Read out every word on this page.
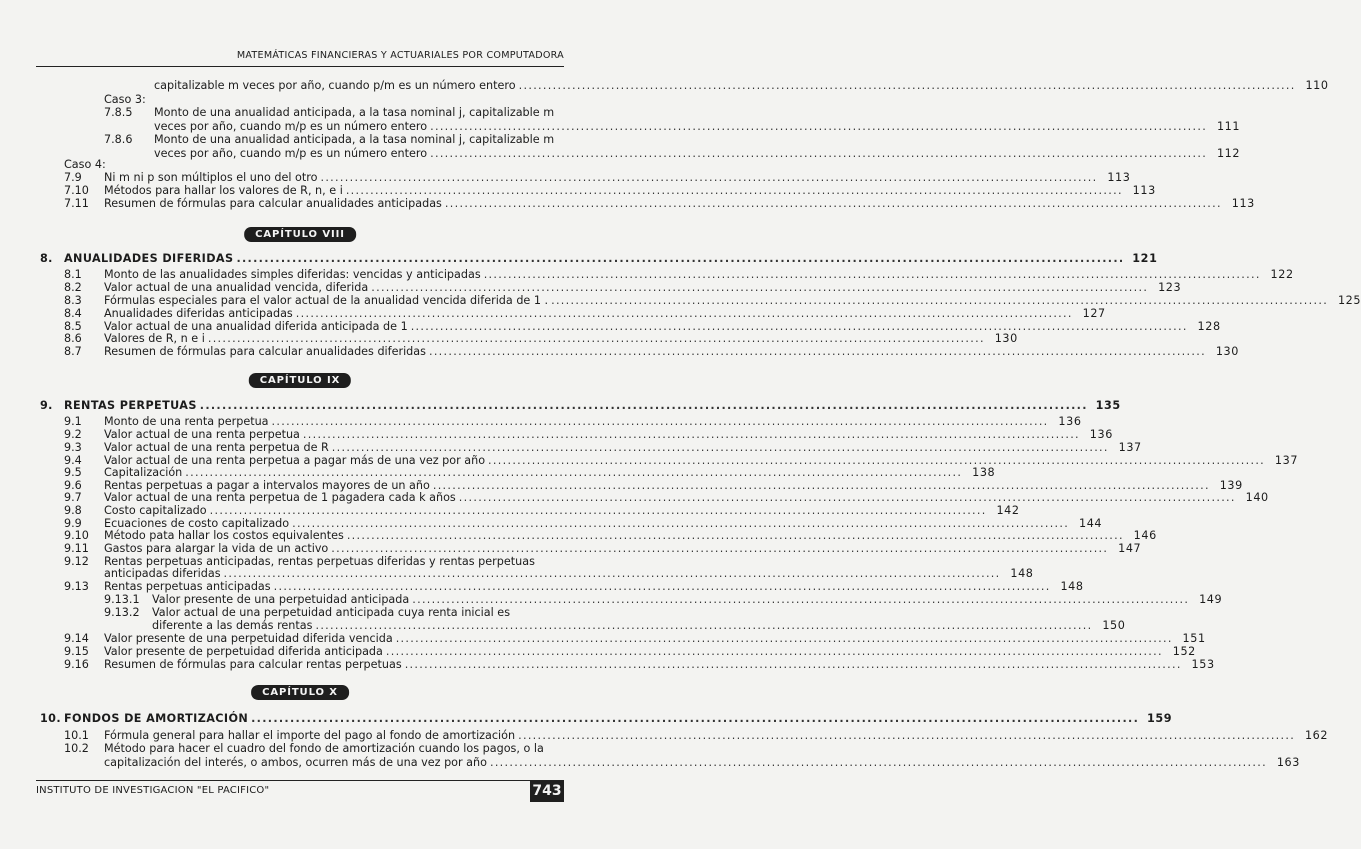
MATEMÁTICAS FINANCIERAS Y ACTUARIALES POR COMPUTADORA
capitalizable m veces por año, cuando p/m es un número entero ................................................................................................................................................................ 110
Caso 3:
7.8.5 Monto de una anualidad anticipada, a la tasa nominal j, capitalizable m
veces por año, cuando m/p es un número entero ................................................................................................................................................................ 111
7.8.6 Monto de una anualidad anticipada, a la tasa nominal j, capitalizable m
veces por año, cuando m/p es un número entero ................................................................................................................................................................ 112
Caso 4:
7.9 Ni m ni p son múltiplos el uno del otro ................................................................................................................................................................ 113
7.10 Métodos para hallar los valores de R, n, e i ................................................................................................................................................................ 113
7.11 Resumen de fórmulas para calcular anualidades anticipadas ................................................................................................................................................................ 113
CAPÍTULO VIII
8. ANUALIDADES DIFERIDAS ................................................................................................................................................................ 121
8.1 Monto de las anualidades simples diferidas: vencidas y anticipadas ................................................................................................................................................................ 122
8.2 Valor actual de una anualidad vencida, diferida ................................................................................................................................................................ 123
8.3 Fórmulas especiales para el valor actual de la anualidad vencida diferida de 1 . ................................................................................................................................................................ 125
8.4 Anualidades diferidas anticipadas ................................................................................................................................................................ 127
8.5 Valor actual de una anualidad diferida anticipada de 1 ................................................................................................................................................................ 128
8.6 Valores de R, n e i ................................................................................................................................................................ 130
8.7 Resumen de fórmulas para calcular anualidades diferidas ................................................................................................................................................................ 130
CAPÍTULO IX
9. RENTAS PERPETUAS ................................................................................................................................................................ 135
9.1 Monto de una renta perpetua ................................................................................................................................................................ 136
9.2 Valor actual de una renta perpetua ................................................................................................................................................................ 136
9.3 Valor actual de una renta perpetua de R ................................................................................................................................................................ 137
9.4 Valor actual de una renta perpetua a pagar más de una vez por año ................................................................................................................................................................ 137
9.5 Capitalización ................................................................................................................................................................ 138
9.6 Rentas perpetuas a pagar a intervalos mayores de un año ................................................................................................................................................................ 139
9.7 Valor actual de una renta perpetua de 1 pagadera cada k años ................................................................................................................................................................ 140
9.8 Costo capitalizado ................................................................................................................................................................ 142
9.9 Ecuaciones de costo capitalizado ................................................................................................................................................................ 144
9.10 Método pata hallar los costos equivalentes ................................................................................................................................................................ 146
9.11 Gastos para alargar la vida de un activo ................................................................................................................................................................ 147
9.12 Rentas perpetuas anticipadas, rentas perpetuas diferidas y rentas perpetuas
anticipadas diferidas ................................................................................................................................................................ 148
9.13 Rentas perpetuas anticipadas ................................................................................................................................................................ 148
9.13.1 Valor presente de una perpetuidad anticipada ................................................................................................................................................................ 149
9.13.2 Valor actual de una perpetuidad anticipada cuya renta inicial es
diferente a las demás rentas ................................................................................................................................................................ 150
9.14 Valor presente de una perpetuidad diferida vencida ................................................................................................................................................................ 151
9.15 Valor presente de perpetuidad diferida anticipada ................................................................................................................................................................ 152
9.16 Resumen de fórmulas para calcular rentas perpetuas ................................................................................................................................................................ 153
CAPÍTULO X
10. FONDOS DE AMORTIZACIÓN ................................................................................................................................................................ 159
10.1 Fórmula general para hallar el importe del pago al fondo de amortización ................................................................................................................................................................ 162
10.2 Método para hacer el cuadro del fondo de amortización cuando los pagos, o la
capitalización del interés, o ambos, ocurren más de una vez por año ................................................................................................................................................................ 163
INSTITUTO DE INVESTIGACION "EL PACIFICO"	743
